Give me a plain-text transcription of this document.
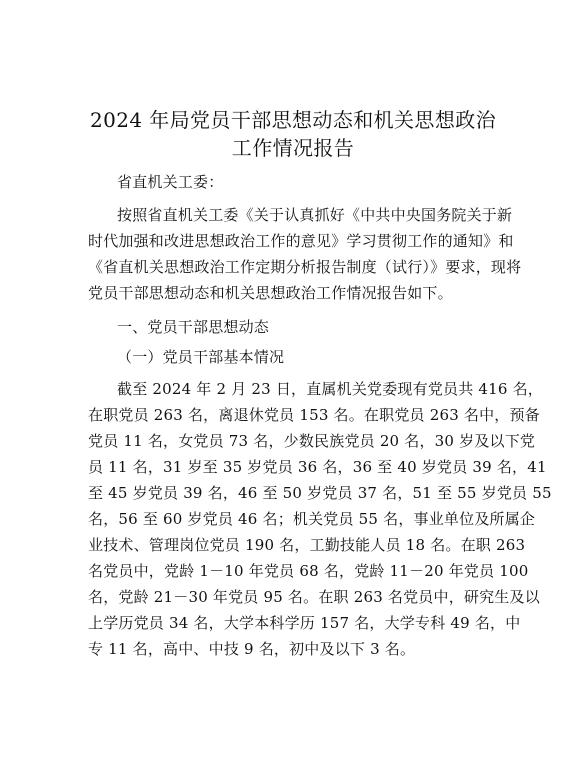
2024 年局党员干部思想动态和机关思想政治工作情况报告
省直机关工委：
按照省直机关工委《关于认真抓好《中共中央国务院关于新
时代加强和改进思想政治工作的意见》学习贯彻工作的通知》和
《省直机关思想政治工作定期分析报告制度（试行）》要求，现将
党员干部思想动态和机关思想政治工作情况报告如下。
一、党员干部思想动态
（一）党员干部基本情况
截至 2024 年 2 月 23 日，直属机关党委现有党员共 416 名，
在职党员 263 名，离退休党员 153 名。在职党员 263 名中，预备
党员 11 名，女党员 73 名，少数民族党员 20 名，30 岁及以下党
员 11 名，31 岁至 35 岁党员 36 名，36 至 40 岁党员 39 名，41
至 45 岁党员 39 名，46 至 50 岁党员 37 名，51 至 55 岁党员 55
名，56 至 60 岁党员 46 名；机关党员 55 名，事业单位及所属企
业技术、管理岗位党员 190 名，工勤技能人员 18 名。在职 263
名党员中，党龄 1－10 年党员 68 名，党龄 11－20 年党员 100
名，党龄 21－30 年党员 95 名。在职 263 名党员中，研究生及以
上学历党员 34 名，大学本科学历 157 名，大学专科 49 名，中
专 11 名，高中、中技 9 名，初中及以下 3 名。
